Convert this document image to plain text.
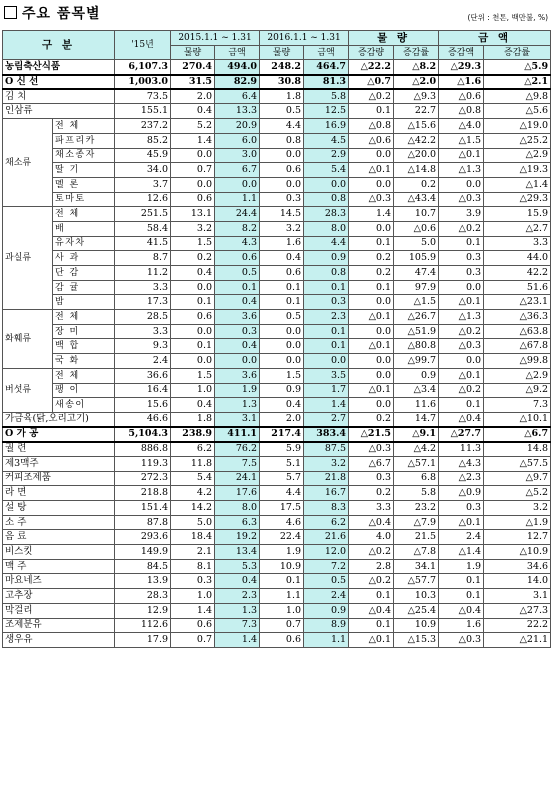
주요 품목별	(단위 : 천톤, 백만불, %)
구 분		'15년	2015.1.1 ~ 1.31		2016.1.1 ~ 1.31		물 량		금 액	
			물량	금액	물량	금액	증감량	증감률	증감액	증감률
농림축산식품		6,107.3	270.4	494.0	248.2	464.7	△22.2	△8.2	△29.3	△5.9
O 신 선		1,003.0	31.5	82.9	30.8	81.3	△0.7	△2.0	△1.6	△2.1
김 치		73.5	2.0	6.4	1.8	5.8	△0.2	△9.3	△0.6	△9.8
인삼류		155.1	0.4	13.3	0.5	12.5	0.1	22.7	△0.8	△5.6
채소류	전 체	237.2	5.2	20.9	4.4	16.9	△0.8	△15.6	△4.0	△19.0
	파프리카	85.2	1.4	6.0	0.8	4.5	△0.6	△42.2	△1.5	△25.2
	채소종자	45.9	0.0	3.0	0.0	2.9	0.0	△20.0	△0.1	△2.9
	딸 기	34.0	0.7	6.7	0.6	5.4	△0.1	△14.8	△1.3	△19.3
	멜 론	3.7	0.0	0.0	0.0	0.0	0.0	0.2	0.0	△1.4
	토마토	12.6	0.6	1.1	0.3	0.8	△0.3	△43.4	△0.3	△29.3
과실류	전 체	251.5	13.1	24.4	14.5	28.3	1.4	10.7	3.9	15.9
	배	58.4	3.2	8.2	3.2	8.0	0.0	△0.6	△0.2	△2.7
	유자차	41.5	1.5	4.3	1.6	4.4	0.1	5.0	0.1	3.3
	사 과	8.7	0.2	0.6	0.4	0.9	0.2	105.9	0.3	44.0
	단 감	11.2	0.4	0.5	0.6	0.8	0.2	47.4	0.3	42.2
	감 귤	3.3	0.0	0.1	0.1	0.1	0.1	97.9	0.0	51.6
	밤	17.3	0.1	0.4	0.1	0.3	0.0	△1.5	△0.1	△23.1
화훼류	전 체	28.5	0.6	3.6	0.5	2.3	△0.1	△26.7	△1.3	△36.3
	장 미	3.3	0.0	0.3	0.0	0.1	0.0	△51.9	△0.2	△63.8
	백 합	9.3	0.1	0.4	0.0	0.1	△0.1	△80.8	△0.3	△67.8
	국 화	2.4	0.0	0.0	0.0	0.0	0.0	△99.7	0.0	△99.8
버섯류	전 체	36.6	1.5	3.6	1.5	3.5	0.0	0.9	△0.1	△2.9
	팽 이	16.4	1.0	1.9	0.9	1.7	△0.1	△3.4	△0.2	△9.2
	새송이	15.6	0.4	1.3	0.4	1.4	0.0	11.6	0.1	7.3
가금육(닭,오리고기)		46.6	1.8	3.1	2.0	2.7	0.2	14.7	△0.4	△10.1
O 가 공		5,104.3	238.9	411.1	217.4	383.4	△21.5	△9.1	△27.7	△6.7
궐 련		886.8	6.2	76.2	5.9	87.5	△0.3	△4.2	11.3	14.8
제3맥주		119.3	11.8	7.5	5.1	3.2	△6.7	△57.1	△4.3	△57.5
커피조제품		272.3	5.4	24.1	5.7	21.8	0.3	6.8	△2.3	△9.7
라 면		218.8	4.2	17.6	4.4	16.7	0.2	5.8	△0.9	△5.2
설 탕		151.4	14.2	8.0	17.5	8.3	3.3	23.2	0.3	3.2
소 주		87.8	5.0	6.3	4.6	6.2	△0.4	△7.9	△0.1	△1.9
음 료		293.6	18.4	19.2	22.4	21.6	4.0	21.5	2.4	12.7
비스킷		149.9	2.1	13.4	1.9	12.0	△0.2	△7.8	△1.4	△10.9
맥 주		84.5	8.1	5.3	10.9	7.2	2.8	34.1	1.9	34.6
마요네즈		13.9	0.3	0.4	0.1	0.5	△0.2	△57.7	0.1	14.0
고추장		28.3	1.0	2.3	1.1	2.4	0.1	10.3	0.1	3.1
막걸리		12.9	1.4	1.3	1.0	0.9	△0.4	△25.4	△0.4	△27.3
조제분유		112.6	0.6	7.3	0.7	8.9	0.1	10.9	1.6	22.2
생우유		17.9	0.7	1.4	0.6	1.1	△0.1	△15.3	△0.3	△21.1
